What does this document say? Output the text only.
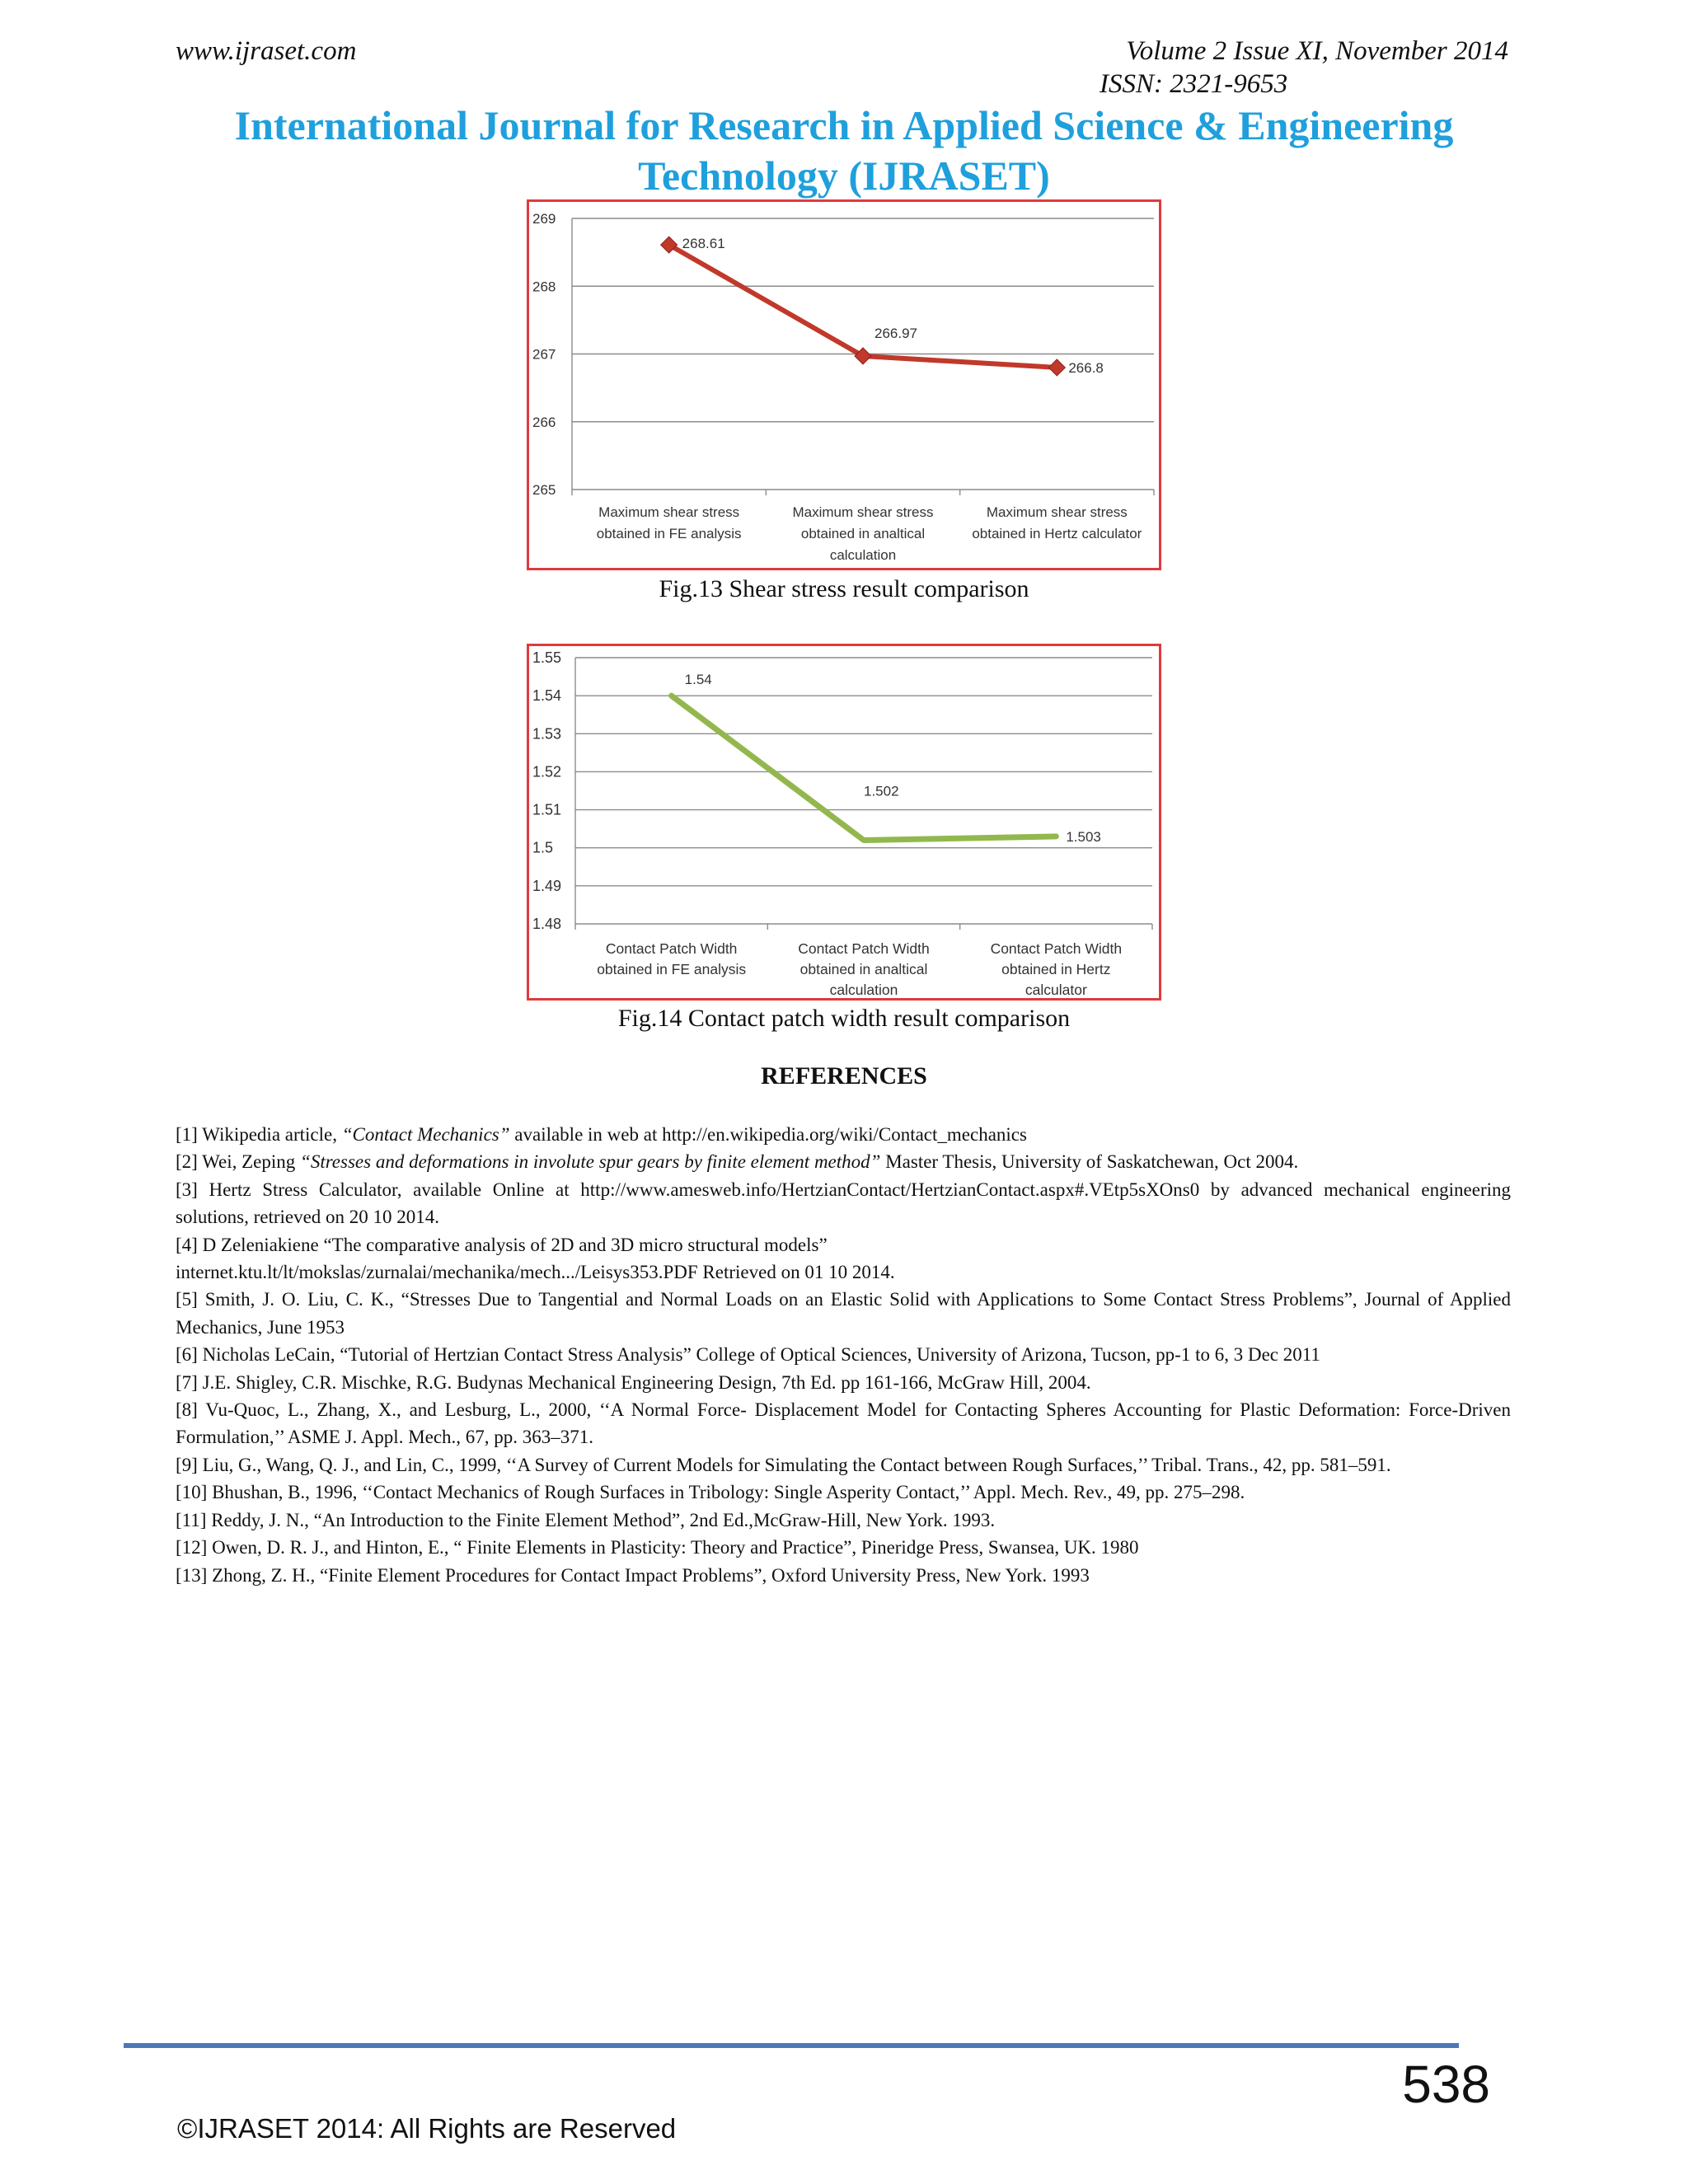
www.ijraset.com	Volume 2 Issue XI, November 2014
ISSN: 2321-9653
International Journal for Research in Applied Science & Engineering
Technology (IJRASET)
265
266
267
268
269
Maximum shear stress
obtained in FE analysis
Maximum shear stress
obtained in analtical
calculation
Maximum shear stress
obtained in Hertz calculator
268.61
266.97
266.8
Fig.13 Shear stress result comparison
1.48
1.49
1.5
1.51
1.52
1.53
1.54
1.55
Contact Patch Width
obtained in FE analysis
Contact Patch Width
obtained in analtical
calculation
Contact Patch Width
obtained in Hertz
calculator
1.54
1.502
1.503
Fig.14 Contact patch width result comparison
REFERENCES

[1] Wikipedia article, “Contact Mechanics” available in web at http://en.wikipedia.org/wiki/Contact_mechanics

[2] Wei, Zeping “Stresses and deformations in involute spur gears by finite element method” Master Thesis, University of Saskatchewan, Oct 2004.

[3] Hertz Stress Calculator, available Online at http://www.amesweb.info/HertzianContact/HertzianContact.aspx#.VEtp5sXOns0 by advanced mechanical engineering solutions, retrieved on 20 10 2014.

[4] D Zeleniakiene “The comparative analysis of 2D and 3D micro structural models”

internet.ktu.lt/lt/mokslas/zurnalai/mechanika/mech.../Leisys353.PDF Retrieved on 01 10 2014.

[5] Smith, J. O. Liu, C. K., “Stresses Due to Tangential and Normal Loads on an Elastic Solid with Applications to Some Contact Stress Problems”, Journal of Applied Mechanics, June 1953

[6] Nicholas LeCain, “Tutorial of Hertzian Contact Stress Analysis” College of Optical Sciences, University of Arizona, Tucson, pp-1 to 6, 3 Dec 2011

[7] J.E. Shigley, C.R. Mischke, R.G. Budynas Mechanical Engineering Design, 7th Ed. pp 161-166, McGraw Hill, 2004.

[8] Vu-Quoc, L., Zhang, X., and Lesburg, L., 2000, ‘‘A Normal Force- Displacement Model for Contacting Spheres Accounting for Plastic Deformation: Force-Driven Formulation,’’ ASME J. Appl. Mech., 67, pp. 363–371.

[9] Liu, G., Wang, Q. J., and Lin, C., 1999, ‘‘A Survey of Current Models for Simulating the Contact between Rough Surfaces,’’ Tribal. Trans., 42, pp. 581–591.

[10] Bhushan, B., 1996, ‘‘Contact Mechanics of Rough Surfaces in Tribology: Single Asperity Contact,’’ Appl. Mech. Rev., 49, pp. 275–298.

[11] Reddy, J. N., “An Introduction to the Finite Element Method”, 2nd Ed.,McGraw-Hill, New York. 1993.

[12] Owen, D. R. J., and Hinton, E., “ Finite Elements in Plasticity: Theory and Practice”, Pineridge Press, Swansea, UK. 1980

[13] Zhong, Z. H., “Finite Element Procedures for Contact Impact Problems”, Oxford University Press, New York. 1993

538
©IJRASET 2014: All Rights are Reserved
